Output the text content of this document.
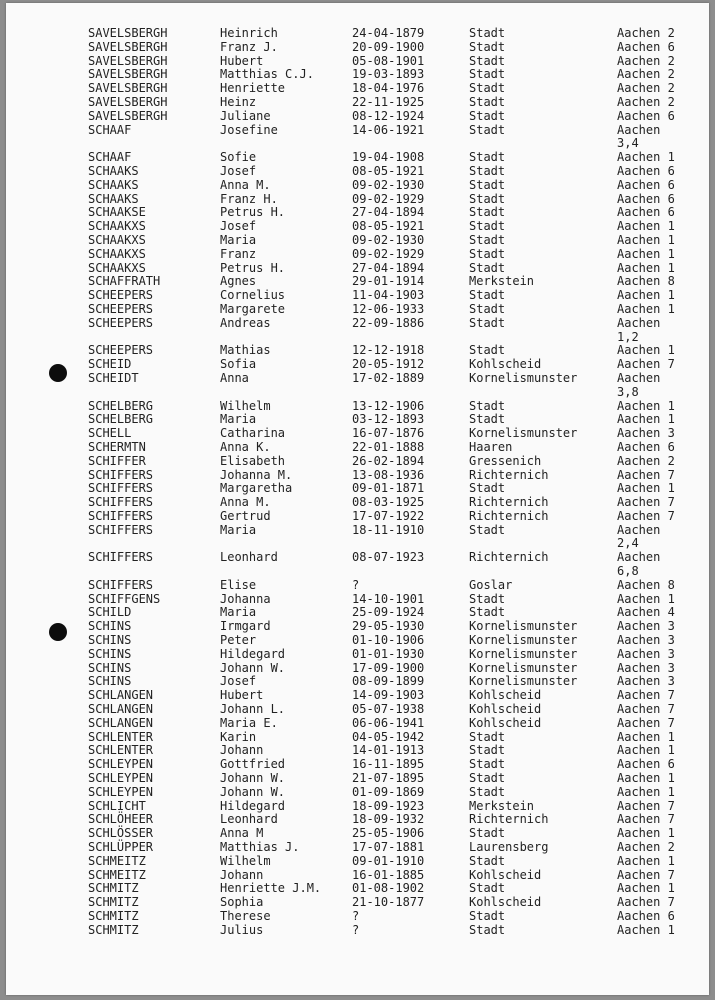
SAVELSBERGH	Heinrich	24-04-1879	Stadt	Aachen 2
SAVELSBERGH	Franz J.	20-09-1900	Stadt	Aachen 6
SAVELSBERGH	Hubert	05-08-1901	Stadt	Aachen 2
SAVELSBERGH	Matthias C.J.	19-03-1893	Stadt	Aachen 2
SAVELSBERGH	Henriette	18-04-1976	Stadt	Aachen 2
SAVELSBERGH	Heinz	22-11-1925	Stadt	Aachen 2
SAVELSBERGH	Juliane	08-12-1924	Stadt	Aachen 6
SCHAAF	Josefine	14-06-1921	Stadt	Aachen
3,4
SCHAAF	Sofie	19-04-1908	Stadt	Aachen 1
SCHAAKS	Josef	08-05-1921	Stadt	Aachen 6
SCHAAKS	Anna M.	09-02-1930	Stadt	Aachen 6
SCHAAKS	Franz H.	09-02-1929	Stadt	Aachen 6
SCHAAKSE	Petrus H.	27-04-1894	Stadt	Aachen 6
SCHAAKXS	Josef	08-05-1921	Stadt	Aachen 1
SCHAAKXS	Maria	09-02-1930	Stadt	Aachen 1
SCHAAKXS	Franz	09-02-1929	Stadt	Aachen 1
SCHAAKXS	Petrus H.	27-04-1894	Stadt	Aachen 1
SCHAFFRATH	Agnes	29-01-1914	Merkstein	Aachen 8
SCHEEPERS	Cornelius	11-04-1903	Stadt	Aachen 1
SCHEEPERS	Margarete	12-06-1933	Stadt	Aachen 1
SCHEEPERS	Andreas	22-09-1886	Stadt	Aachen
1,2
SCHEEPERS	Mathias	12-12-1918	Stadt	Aachen 1
SCHEID	Sofia	20-05-1912	Kohlscheid	Aachen 7
SCHEIDT	Anna	17-02-1889	Kornelismunster	Aachen
3,8
SCHELBERG	Wilhelm	13-12-1906	Stadt	Aachen 1
SCHELBERG	Maria	03-12-1893	Stadt	Aachen 1
SCHELL	Catharina	16-07-1876	Kornelismunster	Aachen 3
SCHERMTN	Anna K.	22-01-1888	Haaren	Aachen 6
SCHIFFER	Elisabeth	26-02-1894	Gressenich	Aachen 2
SCHIFFERS	Johanna M.	13-08-1936	Richternich	Aachen 7
SCHIFFERS	Margaretha	09-01-1871	Stadt	Aachen 1
SCHIFFERS	Anna M.	08-03-1925	Richternich	Aachen 7
SCHIFFERS	Gertrud	17-07-1922	Richternich	Aachen 7
SCHIFFERS	Maria	18-11-1910	Stadt	Aachen
2,4
SCHIFFERS	Leonhard	08-07-1923	Richternich	Aachen
6,8
SCHIFFERS	Elise	?	Goslar	Aachen 8
SCHIFFGENS	Johanna	14-10-1901	Stadt	Aachen 1
SCHILD	Maria	25-09-1924	Stadt	Aachen 4
SCHINS	Irmgard	29-05-1930	Kornelismunster	Aachen 3
SCHINS	Peter	01-10-1906	Kornelismunster	Aachen 3
SCHINS	Hildegard	01-01-1930	Kornelismunster	Aachen 3
SCHINS	Johann W.	17-09-1900	Kornelismunster	Aachen 3
SCHINS	Josef	08-09-1899	Kornelismunster	Aachen 3
SCHLANGEN	Hubert	14-09-1903	Kohlscheid	Aachen 7
SCHLANGEN	Johann L.	05-07-1938	Kohlscheid	Aachen 7
SCHLANGEN	Maria E.	06-06-1941	Kohlscheid	Aachen 7
SCHLENTER	Karin	04-05-1942	Stadt	Aachen 1
SCHLENTER	Johann	14-01-1913	Stadt	Aachen 1
SCHLEYPEN	Gottfried	16-11-1895	Stadt	Aachen 6
SCHLEYPEN	Johann W.	21-07-1895	Stadt	Aachen 1
SCHLEYPEN	Johann W.	01-09-1869	Stadt	Aachen 1
SCHLICHT	Hildegard	18-09-1923	Merkstein	Aachen 7
SCHLÖHEER	Leonhard	18-09-1932	Richternich	Aachen 7
SCHLÖSSER	Anna M	25-05-1906	Stadt	Aachen 1
SCHLÜPPER	Matthias J.	17-07-1881	Laurensberg	Aachen 2
SCHMEITZ	Wilhelm	09-01-1910	Stadt	Aachen 1
SCHMEITZ	Johann	16-01-1885	Kohlscheid	Aachen 7
SCHMITZ	Henriette J.M.	01-08-1902	Stadt	Aachen 1
SCHMITZ	Sophia	21-10-1877	Kohlscheid	Aachen 7
SCHMITZ	Therese	?	Stadt	Aachen 6
SCHMITZ	Julius	?	Stadt	Aachen 1
